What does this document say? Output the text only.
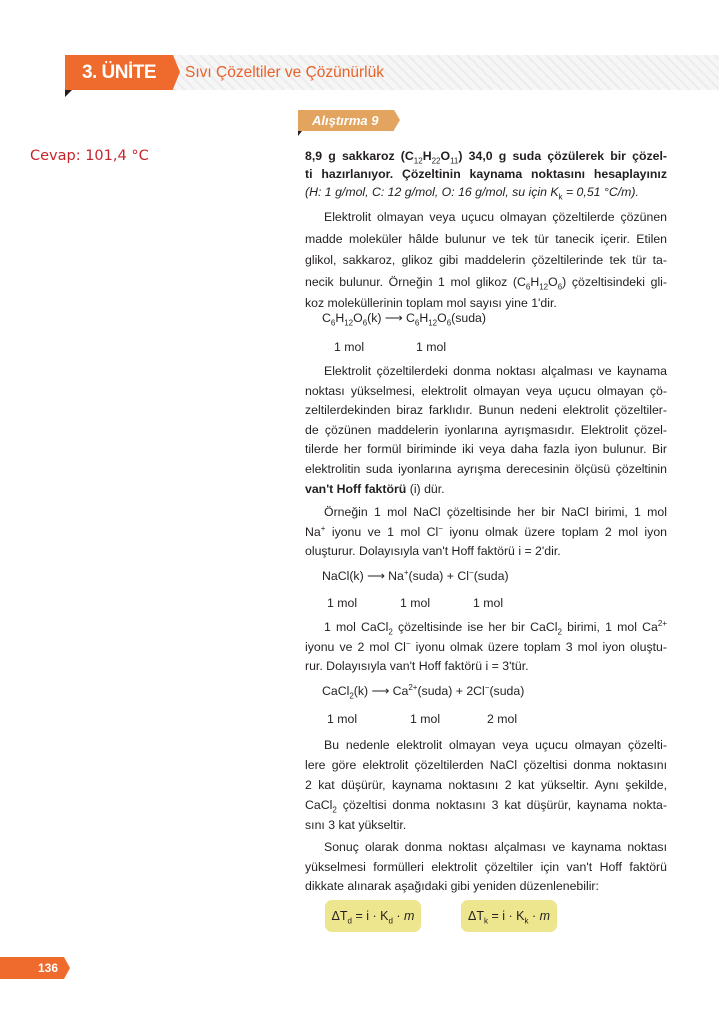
3. ÜNİTE	Sıvı Çözeltiler ve Çözünürlük
Alıştırma 9
Cevap: 101,4 °C	8,9 g sakkaroz $(C_{12}H_{22}O_{11})$ 34,0 g suda çözülerek bir çözel-
ti hazırlanıyor. Çözeltinin kaynama noktasını hesaplayınız
(H: 1 g/mol, C: 12 g/mol, O: 16 g/mol, su için $K_k = 0,51$ °C/m).
Elektrolit olmayan veya uçucu olmayan çözeltilerde çözünen
madde moleküler hâlde bulunur ve tek tür tanecik içerir. Etilen
glikol, sakkaroz, glikoz gibi maddelerin çözeltilerinde tek tür ta-
necik bulunur. Örneğin 1 mol glikoz $(C_6H_{12}O_6)$ çözeltisindeki gli-
koz moleküllerinin toplam mol sayısı yine 1'dir.
$C_6H_{12}O_6(k)$ ⟶ $C_6H_{12}O_6(suda)$
1 mol	1 mol
Elektrolit çözeltilerdeki donma noktası alçalması ve kaynama
noktası yükselmesi, elektrolit olmayan veya uçucu olmayan çö-
zeltilerdekinden biraz farklıdır. Bunun nedeni elektrolit çözeltiler-
de çözünen maddelerin iyonlarına ayrışmasıdır. Elektrolit çözel-
tilerde her formül biriminde iki veya daha fazla iyon bulunur. Bir
elektrolitin suda iyonlarına ayrışma derecesinin ölçüsü çözeltinin
van't Hoff faktörü (i) dür.
Örneğin 1 mol NaCl çözeltisinde her bir NaCl birimi, 1 mol
Na+ iyonu ve 1 mol Cl− iyonu olmak üzere toplam 2 mol iyon
oluşturur. Dolayısıyla van't Hoff faktörü i = 2'dir.
NaCl(k) ⟶ Na+(suda) + Cl−(suda)
1 mol	1 mol	1 mol
1 mol CaCl$_2$ çözeltisinde ise her bir CaCl$_2$ birimi, 1 mol $Ca^{2+}$
iyonu ve 2 mol Cl− iyonu olmak üzere toplam 3 mol iyon oluştu-
rur. Dolayısıyla van't Hoff faktörü i = 3'tür.
CaCl$_2$(k) ⟶ $Ca^{2+}(suda)$ + 2Cl−(suda)
1 mol	1 mol	2 mol
Bu nedenle elektrolit olmayan veya uçucu olmayan çözelti-
lere göre elektrolit çözeltilerden NaCl çözeltisi donma noktasını
2 kat düşürür, kaynama noktasını 2 kat yükseltir. Aynı şekilde,
CaCl$_2$ çözeltisi donma noktasını 3 kat düşürür, kaynama nokta-
sını 3 kat yükseltir.
Sonuç olarak donma noktası alçalması ve kaynama noktası
yükselmesi formülleri elektrolit çözeltiler için van't Hoff faktörü
dikkate alınarak aşağıdaki gibi yeniden düzenlenebilir:
$\Delta T_d = i \cdot K_d \cdot m$	$\Delta T_k = i \cdot K_k \cdot m$
136
